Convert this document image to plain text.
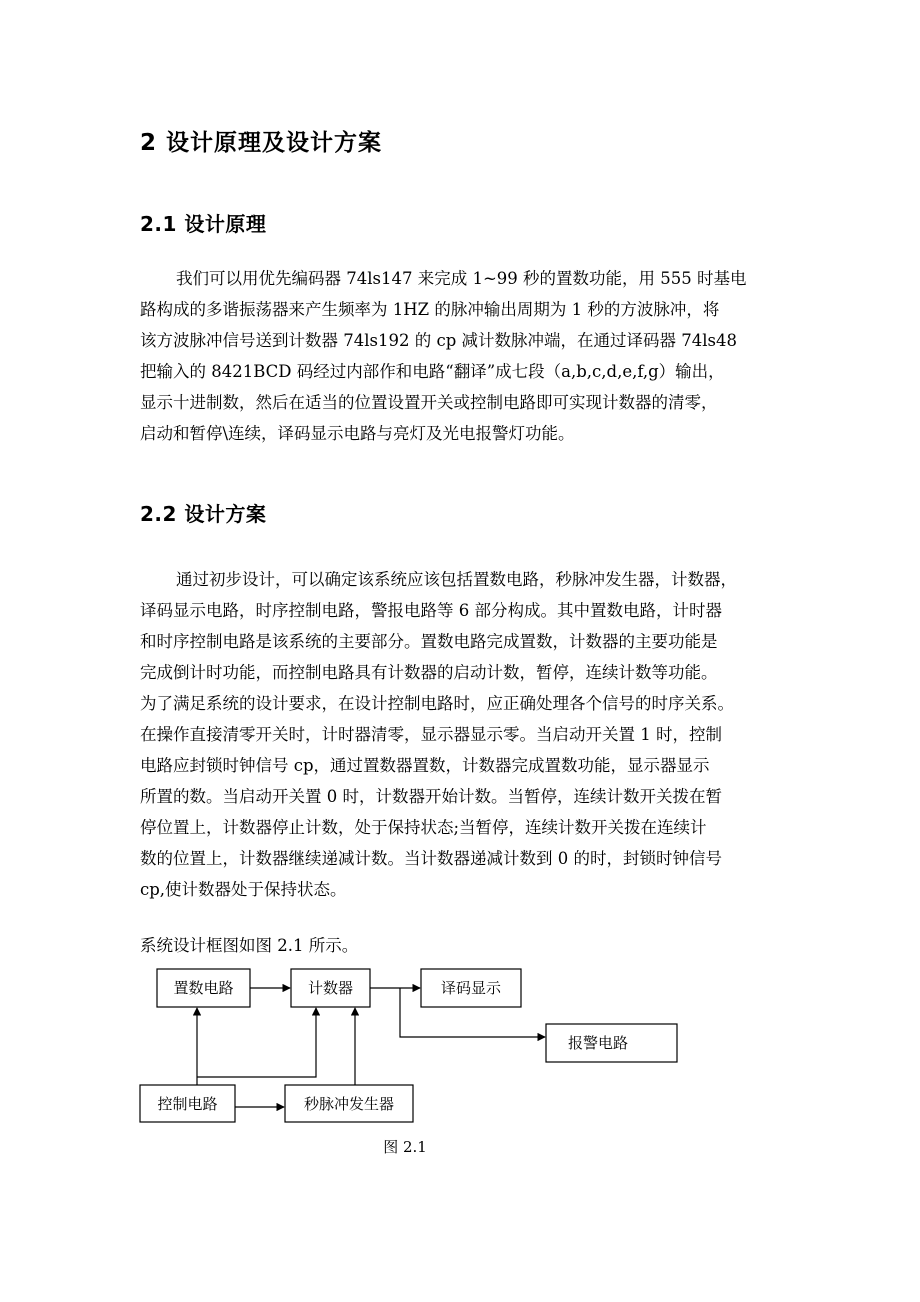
2 设计原理及设计方案
2.1 设计原理
我们可以用优先编码器 74ls147 来完成 1~99 秒的置数功能，用 555 时基电
路构成的多谐振荡器来产生频率为 1HZ 的脉冲输出周期为 1 秒的方波脉冲，将
该方波脉冲信号送到计数器 74ls192 的 cp 减计数脉冲端，在通过译码器 74ls48
把输入的 8421BCD 码经过内部作和电路“翻译”成七段（a,b,c,d,e,f,g）输出，
显示十进制数，然后在适当的位置设置开关或控制电路即可实现计数器的清零，
启动和暂停\连续，译码显示电路与亮灯及光电报警灯功能。
2.2 设计方案
通过初步设计，可以确定该系统应该包括置数电路，秒脉冲发生器，计数器，
译码显示电路，时序控制电路，警报电路等 6 部分构成。其中置数电路，计时器
和时序控制电路是该系统的主要部分。置数电路完成置数，计数器的主要功能是
完成倒计时功能，而控制电路具有计数器的启动计数，暂停，连续计数等功能。
为了满足系统的设计要求，在设计控制电路时，应正确处理各个信号的时序关系。
在操作直接清零开关时，计时器清零，显示器显示零。当启动开关置 1 时，控制
电路应封锁时钟信号 cp，通过置数器置数，计数器完成置数功能，显示器显示
所置的数。当启动开关置 0 时，计数器开始计数。当暂停，连续计数开关拨在暂
停位置上，计数器停止计数，处于保持状态;当暂停，连续计数开关拨在连续计
数的位置上，计数器继续递减计数。当计数器递减计数到 0 的时，封锁时钟信号
cp,使计数器处于保持状态。
系统设计框图如图 2.1 所示。
置数电路	计数器	译码显示
报警电路
控制电路	秒脉冲发生器
图 2.1
